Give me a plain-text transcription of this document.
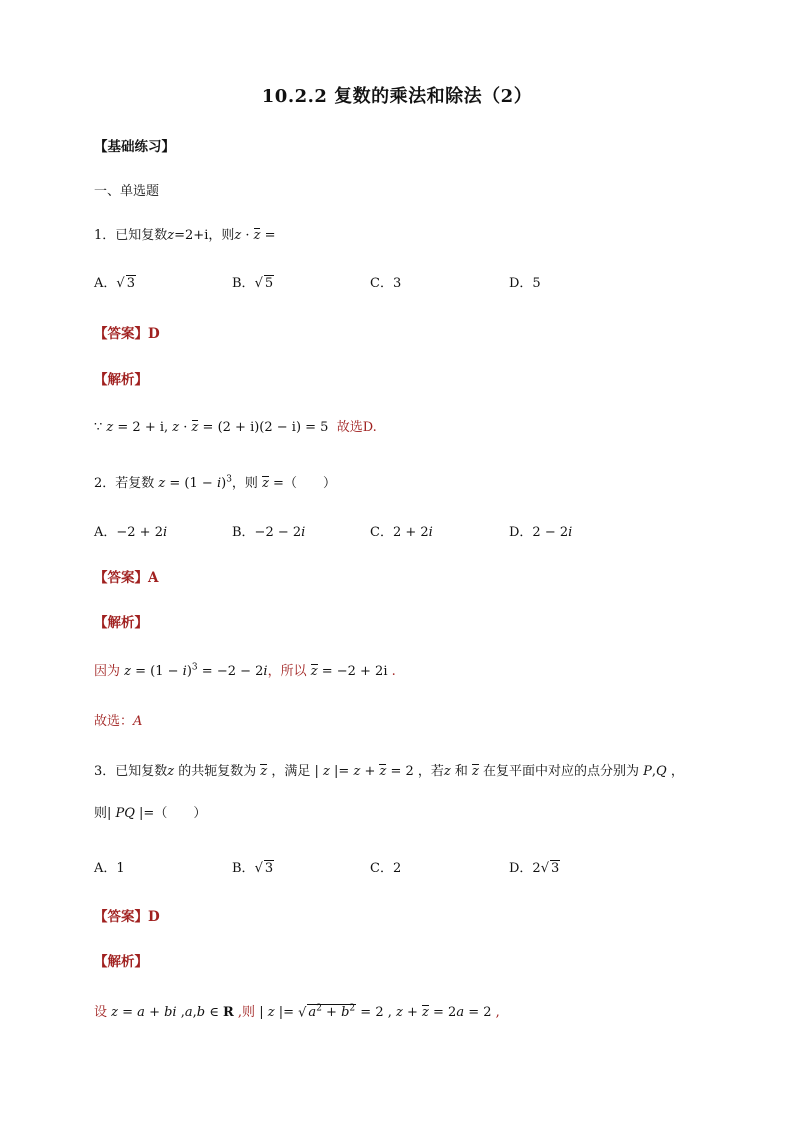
10.2.2 复数的乘法和除法（2）
【基础练习】
一、单选题
1．已知复数z=2+i，则z · z =
A．√ 3	B．√ 5	C．3	D．5
【答案】D
【解析】
∵ z = 2 + i, z · z = (2 + i)(2 − i) = 5  故选D.
2．若复数 $z = (1 - i)^3$，则 z =（　　）
A．−2 + 2i	B．−2 − 2i	C．2 + 2i	D．2 − 2i
【答案】A
【解析】
因为 $z = (1 - i)^3 = -2 - 2i$，所以 z = −2 + 2i .
故选：A
3．已知复数z 的共轭复数为 z ，满足 | z |= z + z = 2 ，若z 和 z 在复平面中对应的点分别为 P,Q ，
则| PQ |=（　　）
A．1	B．√ 3	C．2	D．2√ 3
【答案】D
【解析】
设 z = a + bi ,a,b ∈ R ,则 | z |= √ $a^2 + b^2 = 2$ , z + z = 2a = 2 ,
